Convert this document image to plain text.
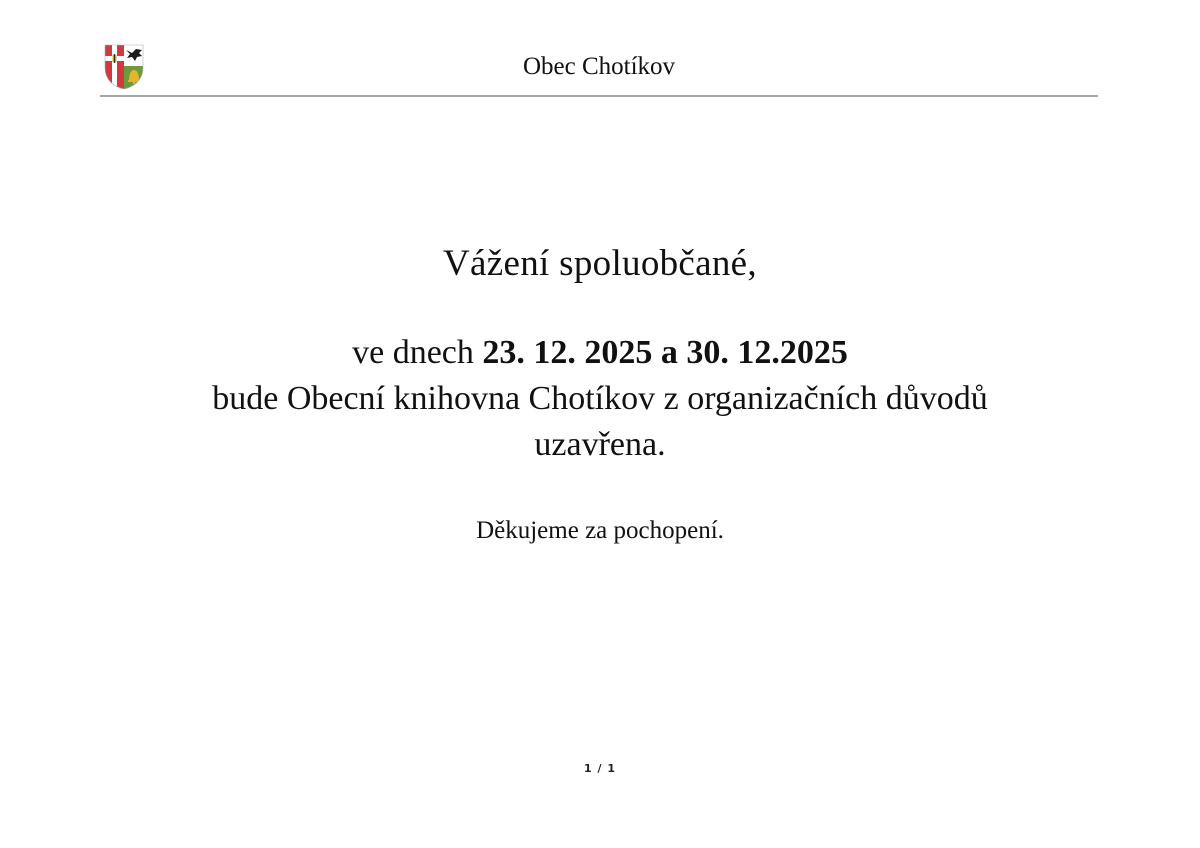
Obec Chotíkov
Vážení spoluobčané,
ve dnech 23. 12. 2025 a 30. 12.2025
bude Obecní knihovna Chotíkov z organizačních důvodů
uzavřena.
Děkujeme za pochopení.
1 / 1
